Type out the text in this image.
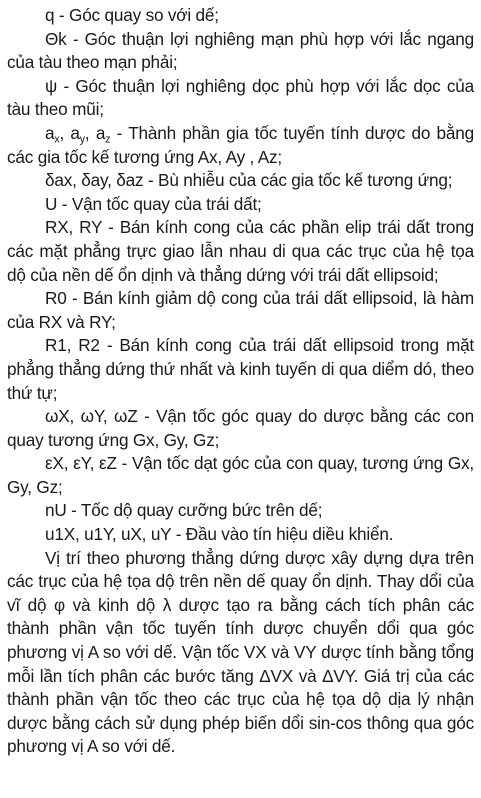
q - Góc quay so với dế;

Θk - Góc thuận lợi nghiêng mạn phù hợp với lắc ngang của tàu theo mạn phải;

ψ - Góc thuận lợi nghiêng dọc phù hợp với lắc dọc của tàu theo mũi;

$a_x$, $a_y$, $a_z$ - Thành phần gia tốc tuyến tính dược do bằng các gia tốc kế tương ứng Ax, Ay , Az;

δax, δay, δaz - Bù nhiễu của các gia tốc kế tương ứng;

U - Vận tốc quay của trái dất;

RX, RY - Bán kính cong của các phần elip trái dất trong các mặt phẳng trực giao lẫn nhau di qua các trục của hệ tọa dộ của nền dế ổn dịnh và thẳng dứng với trái dất ellipsoid;

R0 - Bán kính giảm dộ cong của trái dất ellipsoid, là hàm của RX và RY;

R1, R2 - Bán kính cong của trái dất ellipsoid trong mặt phẳng thẳng dứng thứ nhất và kinh tuyến di qua diểm dó, theo thứ tự;

ωX, ωY, ωZ - Vận tốc góc quay do dược bằng các con quay tương ứng Gx, Gy, Gz;

εX, εY, εZ - Vận tốc dạt góc của con quay, tương ứng Gx, Gy, Gz;

nU - Tốc dộ quay cưỡng bức trên dế;

u1X, u1Y, uX, uY - Đầu vào tín hiệu diều khiển.

Vị trí theo phương thẳng dứng dược xây dựng dựa trên các trục của hệ tọa dộ trên nền dế quay ổn dịnh. Thay dổi của vĩ dộ φ và kinh dộ λ dược tạo ra bằng cách tích phân các thành phần vận tốc tuyến tính dược chuyển dổi qua góc phương vị A so với dế. Vận tốc VX và VY dược tính bằng tổng mỗi lần tích phân các bước tăng ΔVX và ΔVY. Giá trị của các thành phần vận tốc theo các trục của hệ tọa dộ dịa lý nhận dược bằng cách sử dụng phép biến dổi sin-cos thông qua góc phương vị A so với dế.
